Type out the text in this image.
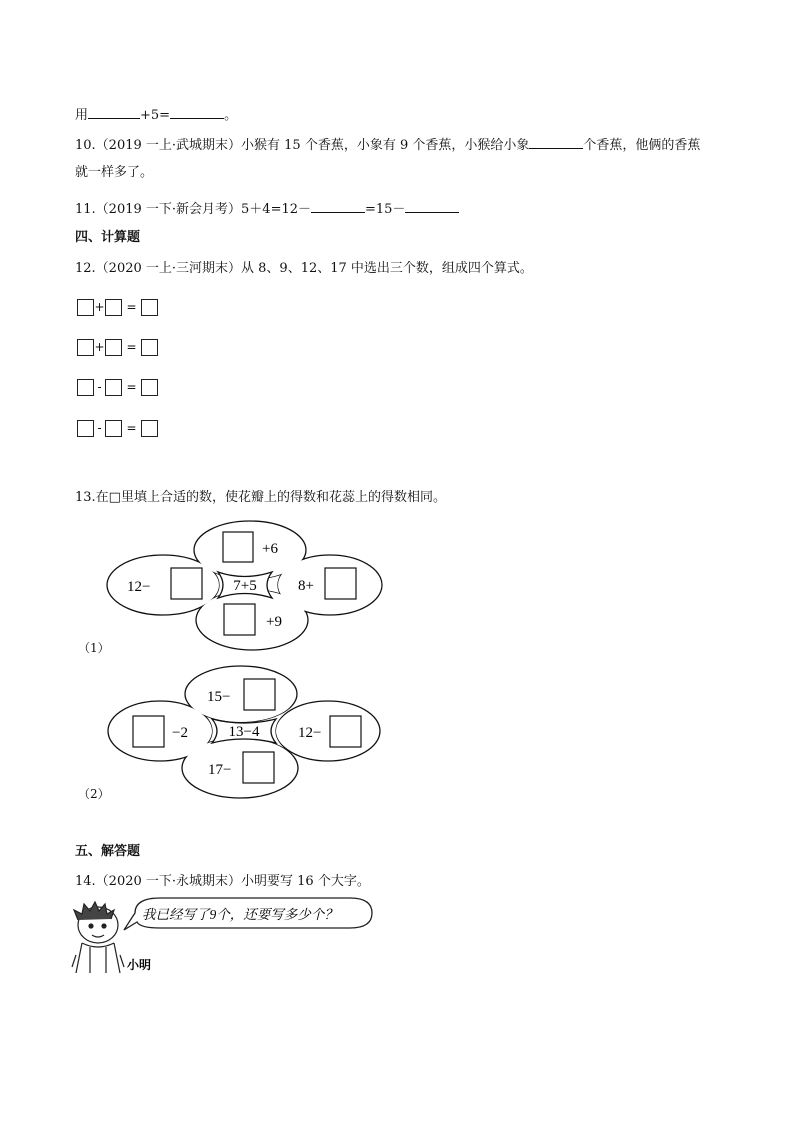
用	+5=	。
10.（2019 一上·武城期末）小猴有 15 个香蕉，小象有 9 个香蕉，小猴给小象	个香蕉，他俩的香蕉
就一样多了。
11.（2019 一下·新会月考）5＋4=12－	=15－
四、计算题
12.（2020 一上·三河期末）从 8、9、12、17 中选出三个数，组成四个算式。
+	=
+	=
-	=
-	=
13.在□里填上合适的数，使花瓣上的得数和花蕊上的得数相同。
+6
12−	7+5	8+
+9
15−
−2	13−4	12−
17−
我已经写了9个，还要写多少个？
小明
（1）
（2）
五、解答题
14.（2020 一下·永城期末）小明要写 16 个大字。
